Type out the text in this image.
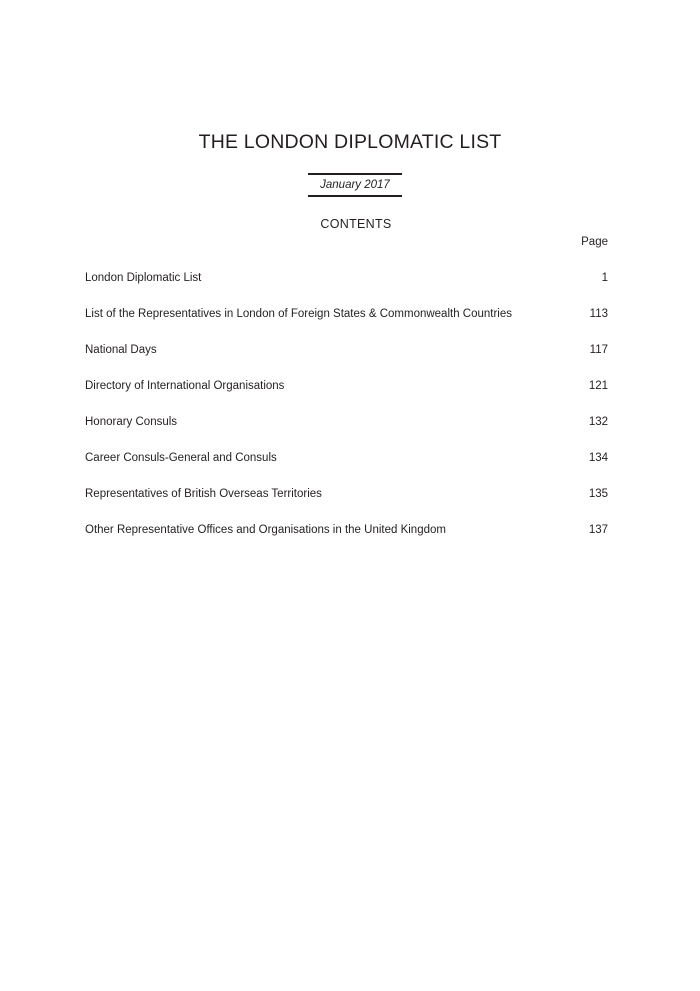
THE LONDON DIPLOMATIC LIST
January 2017
CONTENTS
Page
London Diplomatic List	1
List of the Representatives in London of Foreign States & Commonwealth Countries	113
National Days	117
Directory of International Organisations	121
Honorary Consuls	132
Career Consuls-General and Consuls	134
Representatives of British Overseas Territories	135
Other Representative Offices and Organisations in the United Kingdom	137
